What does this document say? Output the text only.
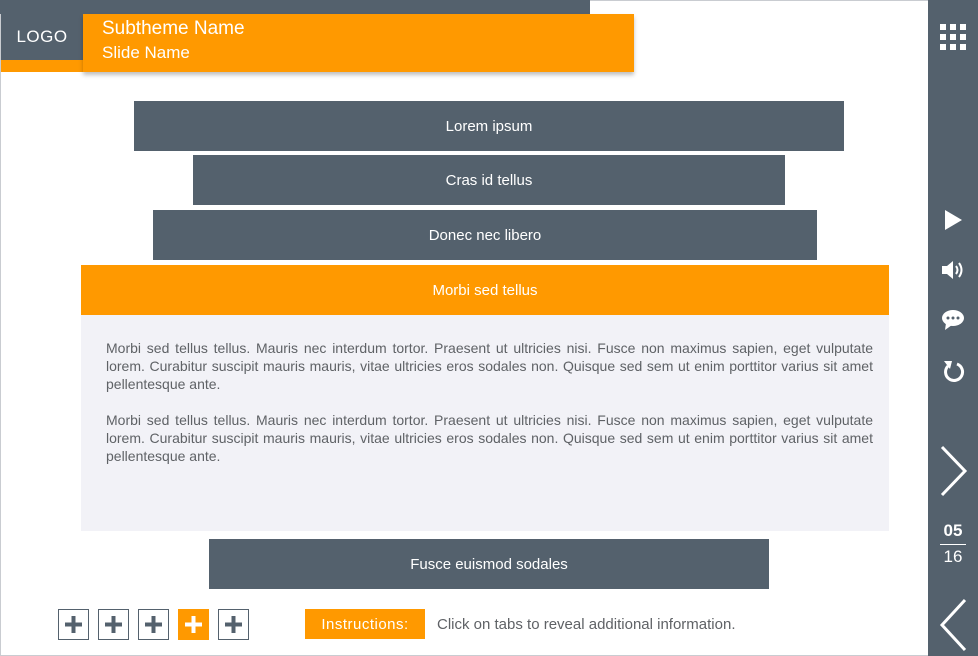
LOGO	Subtheme Name
Slide Name
Lorem ipsum
Cras id tellus
Donec nec libero
Morbi sed tellus

Morbi sed tellus tellus. Mauris nec interdum tortor. Praesent ut ultricies nisi. Fusce non maximus sapien, eget vulputate lorem. Curabitur suscipit mauris mauris, vitae ultricies eros sodales non. Quisque sed sem ut enim porttitor varius sit amet pellentesque ante.

Morbi sed tellus tellus. Mauris nec interdum tortor. Praesent ut ultricies nisi. Fusce non maximus sapien, eget vulputate lorem. Curabitur suscipit mauris mauris, vitae ultricies eros sodales non. Quisque sed sem ut enim porttitor varius sit amet pellentesque ante.

Fusce euismod sodales
Instructions:	Click on tabs to reveal additional information.
05
16
